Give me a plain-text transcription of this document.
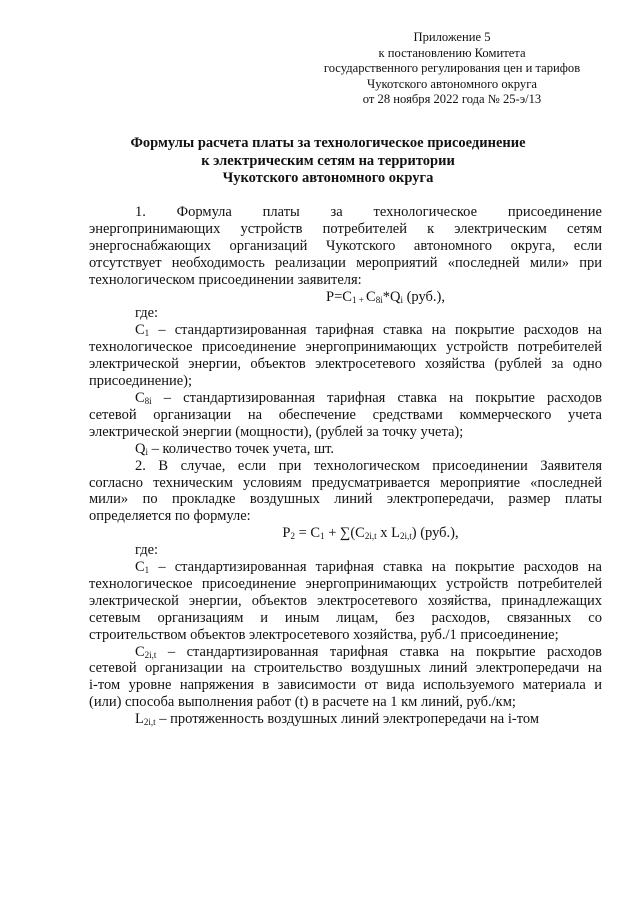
Приложение 5
к постановлению Комитета
государственного регулирования цен и тарифов
Чукотского автономного округа
от 28 ноября 2022 года № 25-э/13
Формулы расчета платы за технологическое присоединение
к электрическим сетям на территории
Чукотского автономного округа

1. Формула платы за технологическое присоединение

энергопринимающих устройств потребителей к электрическим сетям

энергоснабжающих организаций Чукотского автономного округа, если

отсутствует необходимость реализации мероприятий «последней мили» при

технологическом присоединении заявителя:

$P=C_{1 +}$ $C_{8i}*Q_i$ (руб.),

где:

$C_1$ – стандартизированная тарифная ставка на покрытие расходов на

технологическое присоединение энергопринимающих устройств потребителей

электрической энергии, объектов электросетевого хозяйства (рублей за одно

присоединение);

$C_{8i}$ – стандартизированная тарифная ставка на покрытие расходов

сетевой организации на обеспечение средствами коммерческого учета

электрической энергии (мощности), (рублей за точку учета);

$Q_i$ – количество точек учета, шт.

2. В случае, если при технологическом присоединении Заявителя

согласно техническим условиям предусматривается мероприятие «последней

мили» по прокладке воздушных линий электропередачи, размер платы

определяется по формуле:

$P_2 = C_1 + \sum(C_{2i,t}$ x $L_{2i,t}$) (руб.),

где:

$C_1$ – стандартизированная тарифная ставка на покрытие расходов на

технологическое присоединение энергопринимающих устройств потребителей

электрической энергии, объектов электросетевого хозяйства, принадлежащих

сетевым организациям и иным лицам, без расходов, связанных со

строительством объектов электросетевого хозяйства, руб./1 присоединение;

$C_{2i,t}$ – стандартизированная тарифная ставка на покрытие расходов

сетевой организации на строительство воздушных линий электропередачи на

i-том уровне напряжения в зависимости от вида используемого материала и

(или) способа выполнения работ (t) в расчете на 1 км линий, руб./км;

$L_{2i,t}$ – протяженность воздушных линий электропередачи на i-том
